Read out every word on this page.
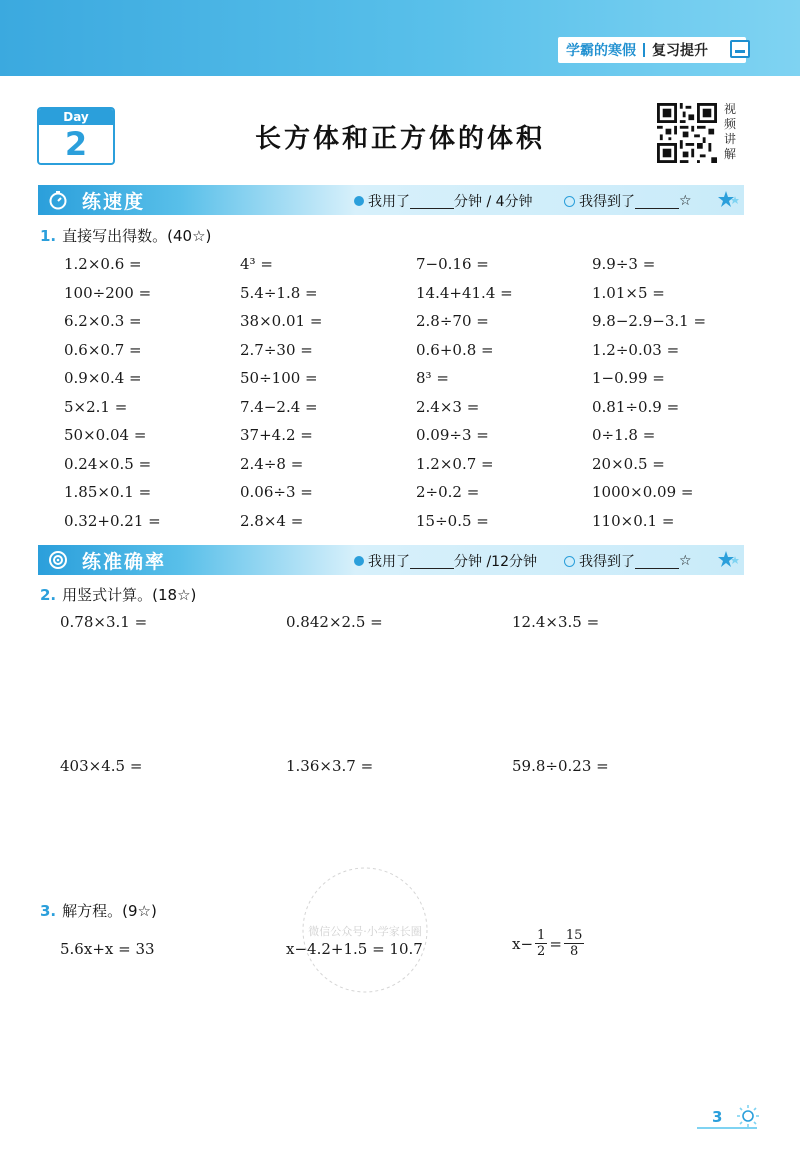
学霸的寒假 复习提升
Day
2	长方体和正方体的体积
视
频
讲
解
练速度	我用了	分钟 / 4分钟	我得到了	☆
1. 直接写出得数。(40☆)
1.2×0.6 =	4³ =	7−0.16 =	9.9÷3 =
100÷200 =	5.4÷1.8 =	14.4+41.4 =	1.01×5 =
6.2×0.3 =	38×0.01 =	2.8÷70 =	9.8−2.9−3.1 =
0.6×0.7 =	2.7÷30 =	0.6+0.8 =	1.2÷0.03 =
0.9×0.4 =	50÷100 =	8³ =	1−0.99 =
5×2.1 =	7.4−2.4 =	2.4×3 =	0.81÷0.9 =
50×0.04 =	37+4.2 =	0.09÷3 =	0÷1.8 =
0.24×0.5 =	2.4÷8 =	1.2×0.7 =	20×0.5 =
1.85×0.1 =	0.06÷3 =	2÷0.2 =	1000×0.09 =
0.32+0.21 =	2.8×4 =	15÷0.5 =	110×0.1 =
练准确率	我用了	分钟 /12分钟	我得到了	☆
2. 用竖式计算。(18☆)
0.78×3.1 =	0.842×2.5 =	12.4×3.5 =
403×4.5 =	1.36×3.7 =	59.8÷0.23 =
3. 解方程。(9☆)
5.6x+x = 33	x−4.2+1.5 = 10.7	$x- \frac{1}{2} = \frac{15}{8}$
微信公众号·小学家长圈
3
